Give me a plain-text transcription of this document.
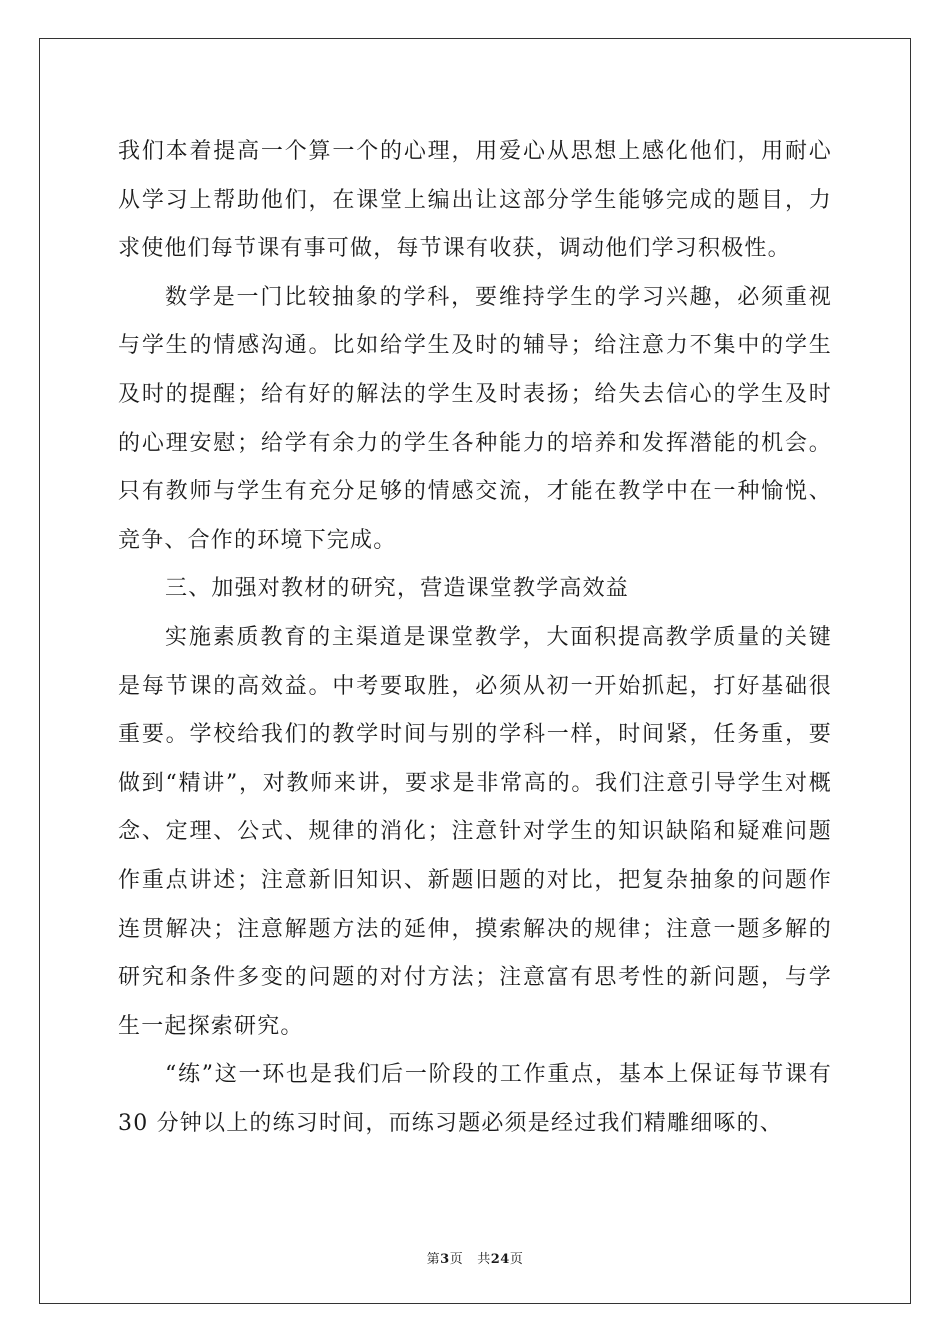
我们本着提高一个算一个的心理，用爱心从思想上感化他们，用耐心从学习上帮助他们，在课堂上编出让这部分学生能够完成的题目，力求使他们每节课有事可做，每节课有收获，调动他们学习积极性。

数学是一门比较抽象的学科，要维持学生的学习兴趣，必须重视与学生的情感沟通。比如给学生及时的辅导；给注意力不集中的学生及时的提醒；给有好的解法的学生及时表扬；给失去信心的学生及时的心理安慰；给学有余力的学生各种能力的培养和发挥潜能的机会。只有教师与学生有充分足够的情感交流，才能在教学中在一种愉悦、竞争、合作的环境下完成。

三、加强对教材的研究，营造课堂教学高效益

实施素质教育的主渠道是课堂教学，大面积提高教学质量的关键是每节课的高效益。中考要取胜，必须从初一开始抓起，打好基础很重要。学校给我们的教学时间与别的学科一样，时间紧，任务重，要做到“精讲”，对教师来讲，要求是非常高的。我们注意引导学生对概念、定理、公式、规律的消化；注意针对学生的知识缺陷和疑难问题作重点讲述；注意新旧知识、新题旧题的对比，把复杂抽象的问题作连贯解决；注意解题方法的延伸，摸索解决的规律；注意一题多解的研究和条件多变的问题的对付方法；注意富有思考性的新问题，与学生一起探索研究。

“练”这一环也是我们后一阶段的工作重点，基本上保证每节课有 30 分钟以上的练习时间，而练习题必须是经过我们精雕细啄的、

第3页 共24页
